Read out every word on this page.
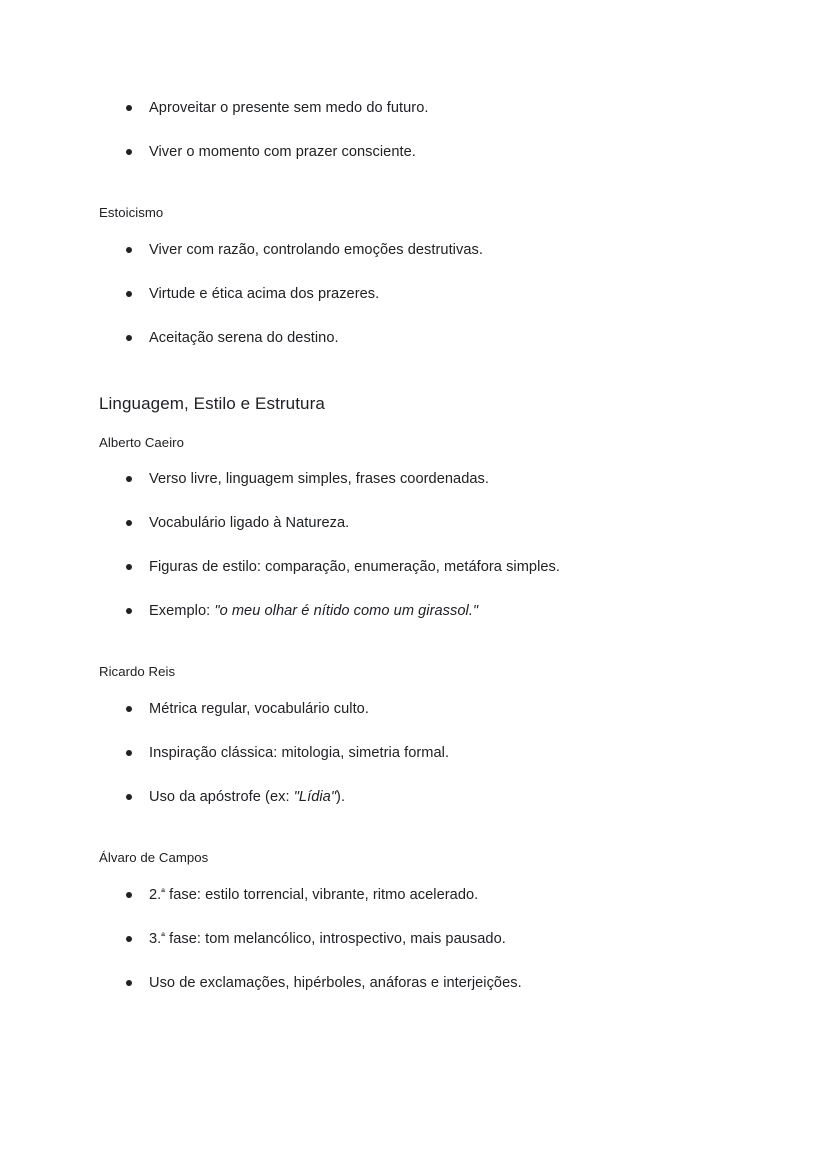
Aproveitar o presente sem medo do futuro.
Viver o momento com prazer consciente.

Estoicismo

Viver com razão, controlando emoções destrutivas.
Virtude e ética acima dos prazeres.
Aceitação serena do destino.
Linguagem, Estilo e Estrutura

Alberto Caeiro

Verso livre, linguagem simples, frases coordenadas.
Vocabulário ligado à Natureza.
Figuras de estilo: comparação, enumeração, metáfora simples.
Exemplo: "o meu olhar é nítido como um girassol."

Ricardo Reis

Métrica regular, vocabulário culto.
Inspiração clássica: mitologia, simetria formal.
Uso da apóstrofe (ex: "Lídia").

Álvaro de Campos

2.$^ª$ fase: estilo torrencial, vibrante, ritmo acelerado.
3.$^ª$ fase: tom melancólico, introspectivo, mais pausado.
Uso de exclamações, hipérboles, anáforas e interjeições.
